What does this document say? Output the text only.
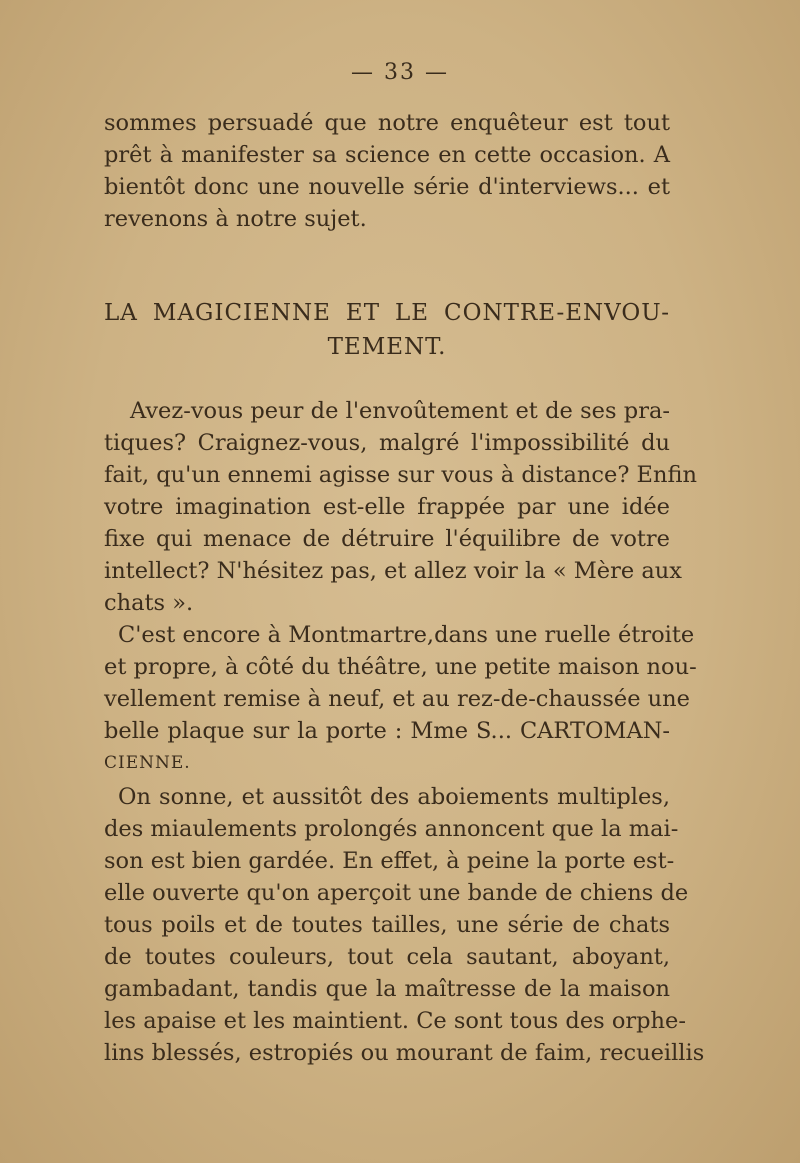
— 33 —
sommes persuadé que notre enquêteur est tout
prêt à manifester sa science en cette occasion. A
bientôt donc une nouvelle série d'interviews... et
revenons à notre sujet.
LA MAGICIENNE ET LE CONTRE-ENVOU-
TEMENT.
Avez-vous peur de l'envoûtement et de ses pra-
tiques? Craignez-vous, malgré l'impossibilité du
fait, qu'un ennemi agisse sur vous à distance? Enfin
votre imagination est-elle frappée par une idée
fixe qui menace de détruire l'équilibre de votre
intellect? N'hésitez pas, et allez voir la « Mère aux
chats ».
C'est encore à Montmartre,dans une ruelle étroite
et propre, à côté du théâtre, une petite maison nou-
vellement remise à neuf, et au rez-de-chaussée une
belle plaque sur la porte : Mme S... CARTOMAN-
CIENNE.
On sonne, et aussitôt des aboiements multiples,
des miaulements prolongés annoncent que la mai-
son est bien gardée. En effet, à peine la porte est-
elle ouverte qu'on aperçoit une bande de chiens de
tous poils et de toutes tailles, une série de chats
de toutes couleurs, tout cela sautant, aboyant,
gambadant, tandis que la maîtresse de la maison
les apaise et les maintient. Ce sont tous des orphe-
lins blessés, estropiés ou mourant de faim, recueillis
